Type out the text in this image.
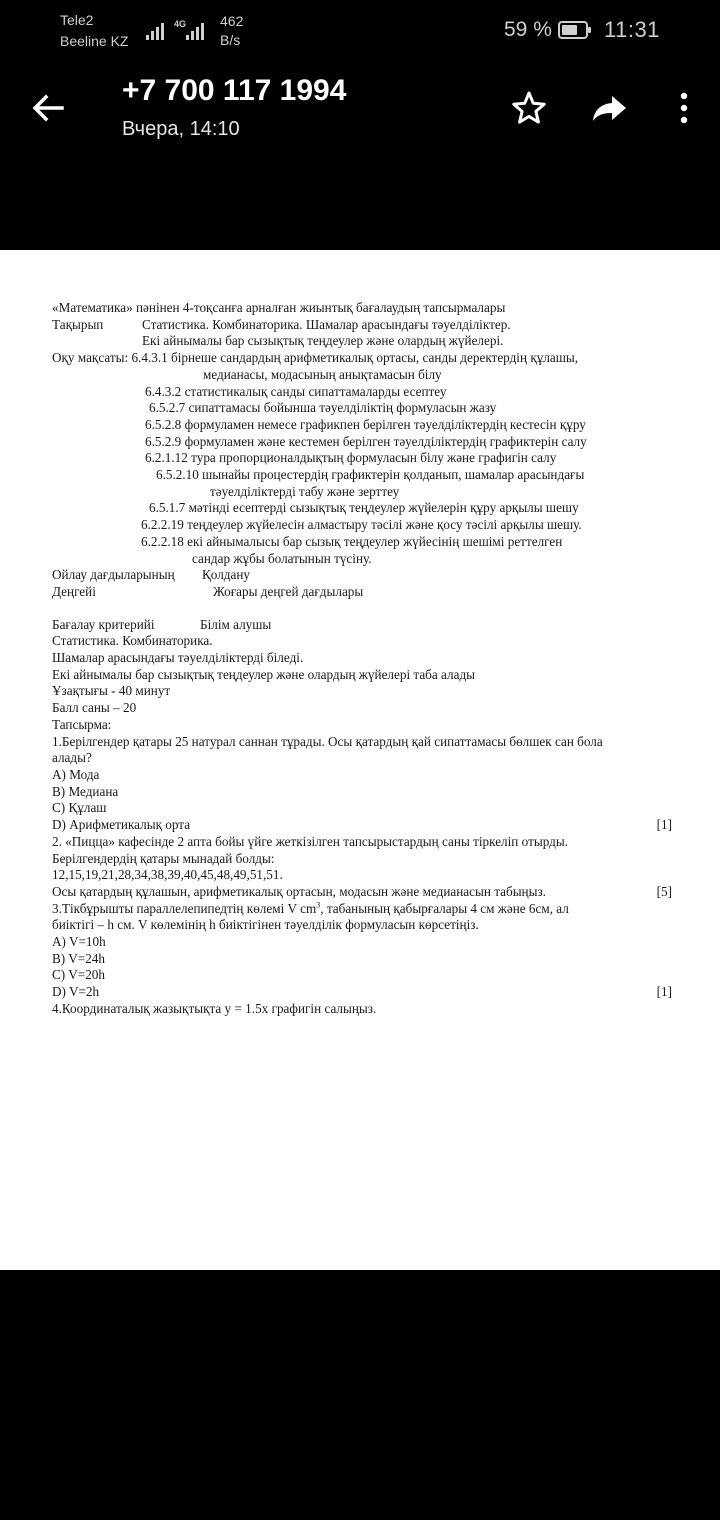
Tele2
Beeline KZ
4G 462
B/s	59 % 11:31
+7 700 117 1994
Вчера, 14:10
«Математика» пәнінен 4-тоқсанға арналған жиынтық бағалаудың тапсырмалары
Тақырып	Статистика. Комбинаторика. Шамалар арасындағы тәуелділіктер.
Екі айнымалы бар сызықтық теңдеулер және олардың жүйелері.
Оқу мақсаты: 6.4.3.1 бірнеше сандардың арифметикалық ортасы, санды деректердің құлашы,
медианасы, модасының анықтамасын білу
6.4.3.2 статистикалық санды сипаттамаларды есептеу
6.5.2.7 сипаттамасы бойынша тәуелділіктің формуласын жазу
6.5.2.8 формуламен немесе графикпен берілген тәуелділіктердің кестесін құру
6.5.2.9 формуламен және кестемен берілген тәуелділіктердің графиктерін салу
6.2.1.12 тура пропорционалдықтың формуласын білу және графигін салу
6.5.2.10 шынайы процестердің графиктерін қолданып, шамалар арасындағы
тәуелділіктерді табу және зерттеу
6.5.1.7 мәтінді есептерді сызықтық теңдеулер жүйелерін құру арқылы шешу
6.2.2.19 теңдеулер жүйелесін алмастыру тәсілі және қосу тәсілі арқылы шешу.
6.2.2.18 екі айнымалысы бар сызық теңдеулер жүйесінің шешімі реттелген
сандар жұбы болатынын түсіну.
Ойлау дағдыларының Қолдану
Деңгейі	Жоғары деңгей дағдылары
Бағалау критерийі	Білім алушы
Статистика. Комбинаторика.
Шамалар арасындағы тәуелділіктерді біледі.
Екі айнымалы бар сызықтық теңдеулер және олардың жүйелері таба алады
Ұзақтығы - 40 минут
Балл саны – 20
Тапсырма:
1.Берілгендер қатары 25 натурал саннан тұрады. Осы қатардың қай сипаттамасы бөлшек сан бола
алады?
A) Мода
B) Медиана
C) Құлаш
D) Арифметикалық орта	[1]
2. «Пицца» кафесінде 2 апта бойы үйге жеткізілген тапсырыстардың саны тіркеліп отырды.
Берілгендердің қатары мынадай болды:
12,15,19,21,28,34,38,39,40,45,48,49,51,51.
Осы қатардың құлашын, арифметикалық ортасын, модасын және медианасын табыңыз.	[5]
3.Тікбұрышты параллелепипедтің көлемі V $cm^3$, табанының қабырғалары 4 см және 6см, ал
биіктігі – h см. V көлемінің h биіктігінен тәуелділік формуласын көрсетіңіз.
A) V=10h
B) V=24h
C) V=20h
D) V=2h	[1]
4.Координаталық жазықтықта y = 1.5x графигін салыңыз.
